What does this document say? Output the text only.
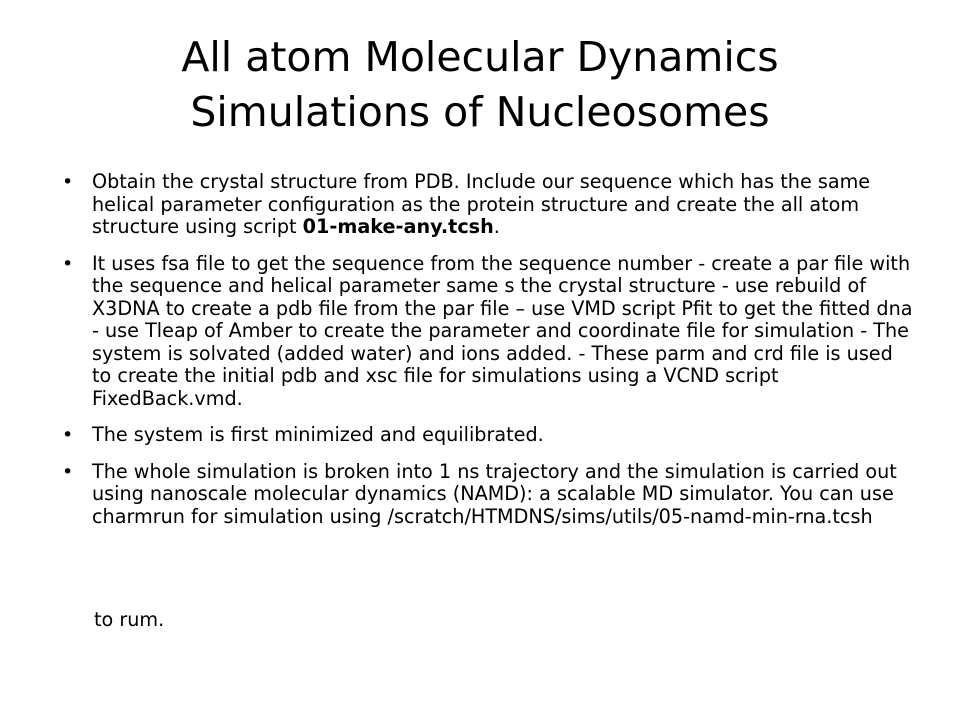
All atom Molecular Dynamics
Simulations of Nucleosomes
• Obtain the crystal structure from PDB. Include our sequence which has the same helical parameter configuration as the protein structure and create the all atom structure using script 01-make-any.tcsh.
• It uses fsa file to get the sequence from the sequence number - create a par file with the sequence and helical parameter same s the crystal structure - use rebuild of X3DNA to create a pdb file from the par file – use VMD script Pfit to get the fitted dna - use Tleap of Amber to create the parameter and coordinate file for simulation - The system is solvated (added water) and ions added. - These parm and crd file is used to create the initial pdb and xsc file for simulations using a VCND script FixedBack.vmd.
• The system is first minimized and equilibrated.
• The whole simulation is broken into 1 ns trajectory and the simulation is carried out using nanoscale molecular dynamics (NAMD): a scalable MD simulator. You can use charmrun for simulation using /scratch/HTMDNS/sims/utils/05-namd-min-rna.tcsh
to rum.
